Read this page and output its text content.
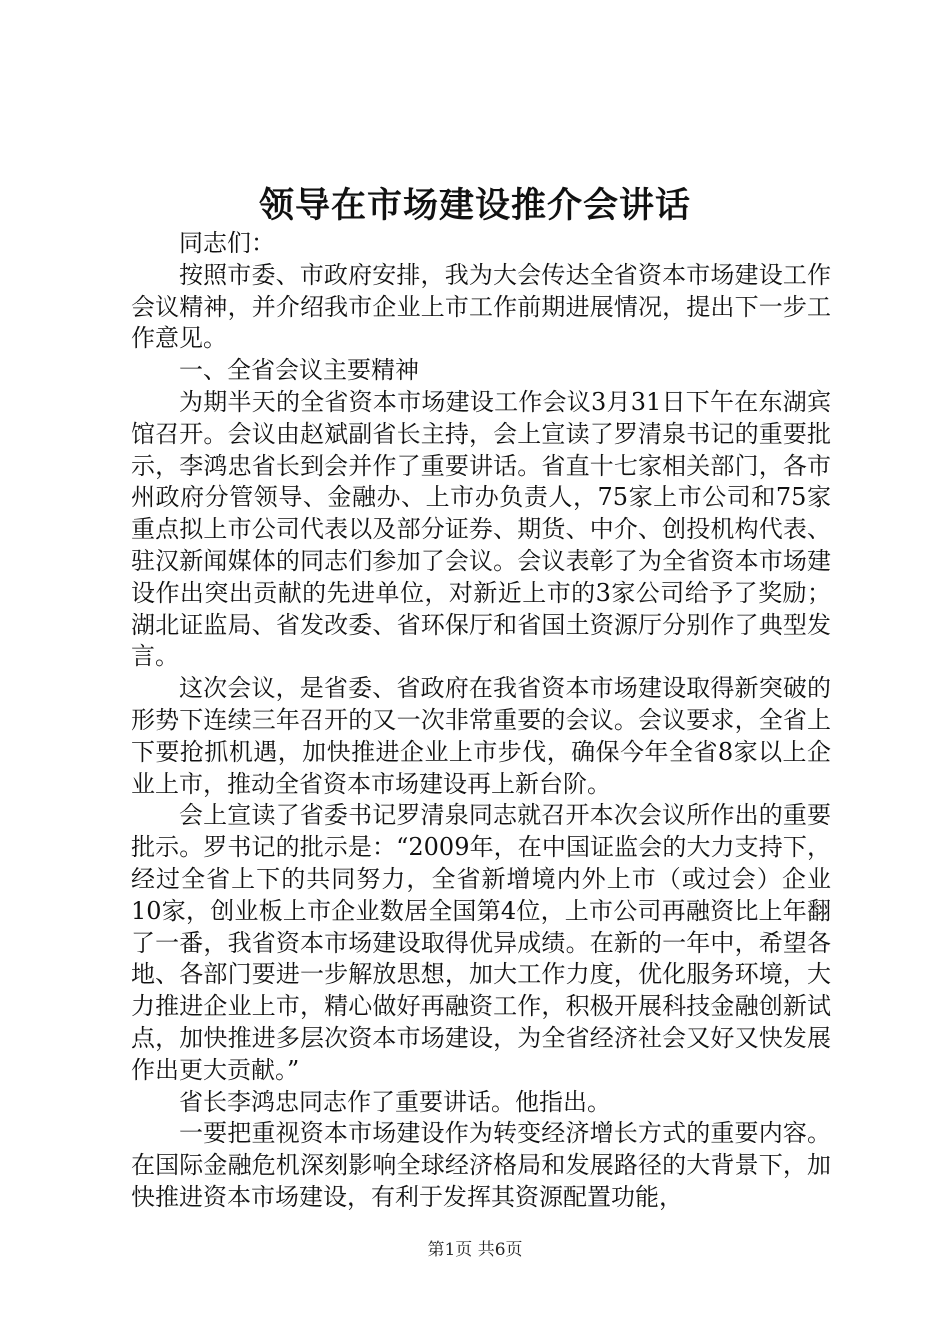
领导在市场建设推介会讲话

同志们：

按照市委、市政府安排，我为大会传达全省资本市场建设工作会议精神，并介绍我市企业上市工作前期进展情况，提出下一步工作意见。

一、全省会议主要精神

为期半天的全省资本市场建设工作会议3月31日下午在东湖宾馆召开。会议由赵斌副省长主持，会上宣读了罗清泉书记的重要批示，李鸿忠省长到会并作了重要讲话。省直十七家相关部门，各市州政府分管领导、金融办、上市办负责人，75家上市公司和75家重点拟上市公司代表以及部分证券、期货、中介、创投机构代表、驻汉新闻媒体的同志们参加了会议。会议表彰了为全省资本市场建设作出突出贡献的先进单位，对新近上市的3家公司给予了奖励；湖北证监局、省发改委、省环保厅和省国土资源厅分别作了典型发言。

这次会议，是省委、省政府在我省资本市场建设取得新突破的形势下连续三年召开的又一次非常重要的会议。会议要求，全省上下要抢抓机遇，加快推进企业上市步伐，确保今年全省8家以上企业上市，推动全省资本市场建设再上新台阶。

会上宣读了省委书记罗清泉同志就召开本次会议所作出的重要批示。罗书记的批示是：“2009年，在中国证监会的大力支持下，经过全省上下的共同努力，全省新增境内外上市（或过会）企业10家，创业板上市企业数居全国第4位，上市公司再融资比上年翻了一番，我省资本市场建设取得优异成绩。在新的一年中，希望各地、各部门要进一步解放思想，加大工作力度，优化服务环境，大力推进企业上市，精心做好再融资工作，积极开展科技金融创新试点，加快推进多层次资本市场建设，为全省经济社会又好又快发展作出更大贡献。”

省长李鸿忠同志作了重要讲话。他指出。

一要把重视资本市场建设作为转变经济增长方式的重要内容。在国际金融危机深刻影响全球经济格局和发展路径的大背景下，加快推进资本市场建设，有利于发挥其资源配置功能，

第1页 共6页
